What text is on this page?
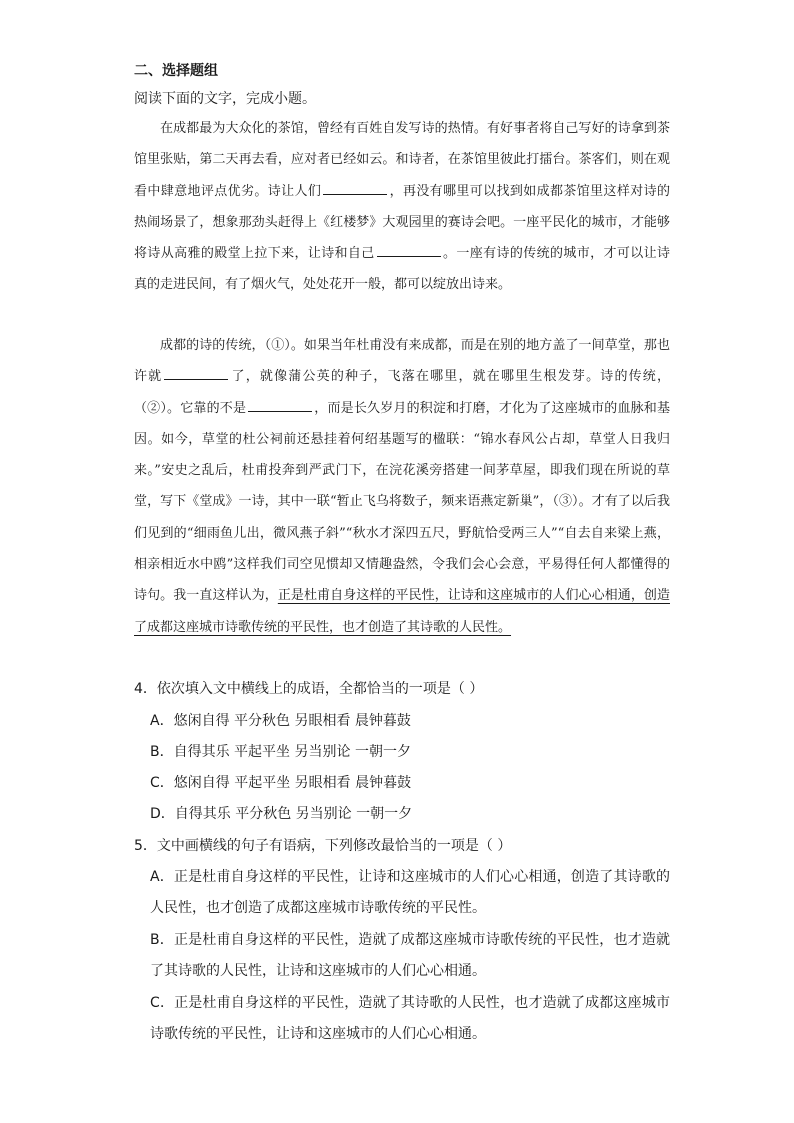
二、选择题组

阅读下面的文字，完成小题。

在成都最为大众化的茶馆，曾经有百姓自发写诗的热情。有好事者将自己写好的诗拿到茶馆里张贴，第二天再去看，应对者已经如云。和诗者，在茶馆里彼此打擂台。茶客们，则在观看中肆意地评点优劣。诗让人们	，再没有哪里可以找到如成都茶馆里这样对诗的热闹场景了，想象那劲头赶得上《红楼梦》大观园里的赛诗会吧。一座平民化的城市，才能够将诗从高雅的殿堂上拉下来，让诗和自己	。一座有诗的传统的城市，才可以让诗真的走进民间，有了烟火气，处处花开一般，都可以绽放出诗来。

成都的诗的传统，（①）。如果当年杜甫没有来成都，而是在别的地方盖了一间草堂，那也许就	了，就像蒲公英的种子，飞落在哪里，就在哪里生根发芽。诗的传统，（②）。它靠的不是	，而是长久岁月的积淀和打磨，才化为了这座城市的血脉和基因。如今，草堂的杜公祠前还悬挂着何绍基题写的楹联：“锦水春风公占却，草堂人日我归来。”安史之乱后，杜甫投奔到严武门下，在浣花溪旁搭建一间茅草屋，即我们现在所说的草堂，写下《堂成》一诗，其中一联“暂止飞乌将数子，频来语燕定新巢”，（③）。才有了以后我们见到的“细雨鱼儿出，微风燕子斜”“秋水才深四五尺，野航恰受两三人”“自去自来梁上燕，相亲相近水中鸥”这样我们司空见惯却又情趣盎然，令我们会心会意，平易得任何人都懂得的诗句。我一直这样认为，正是杜甫自身这样的平民性，让诗和这座城市的人们心心相通，创造了成都这座城市诗歌传统的平民性，也才创造了其诗歌的人民性。

4．依次填入文中横线上的成语，全都恰当的一项是（ ）

A．悠闲自得 平分秋色 另眼相看 晨钟暮鼓

B．自得其乐 平起平坐 另当别论 一朝一夕

C．悠闲自得 平起平坐 另眼相看 晨钟暮鼓

D．自得其乐 平分秋色 另当别论 一朝一夕

5．文中画横线的句子有语病，下列修改最恰当的一项是（ ）

A．正是杜甫自身这样的平民性，让诗和这座城市的人们心心相通，创造了其诗歌的人民性，也才创造了成都这座城市诗歌传统的平民性。

B．正是杜甫自身这样的平民性，造就了成都这座城市诗歌传统的平民性，也才造就了其诗歌的人民性，让诗和这座城市的人们心心相通。

C．正是杜甫自身这样的平民性，造就了其诗歌的人民性，也才造就了成都这座城市诗歌传统的平民性，让诗和这座城市的人们心心相通。
